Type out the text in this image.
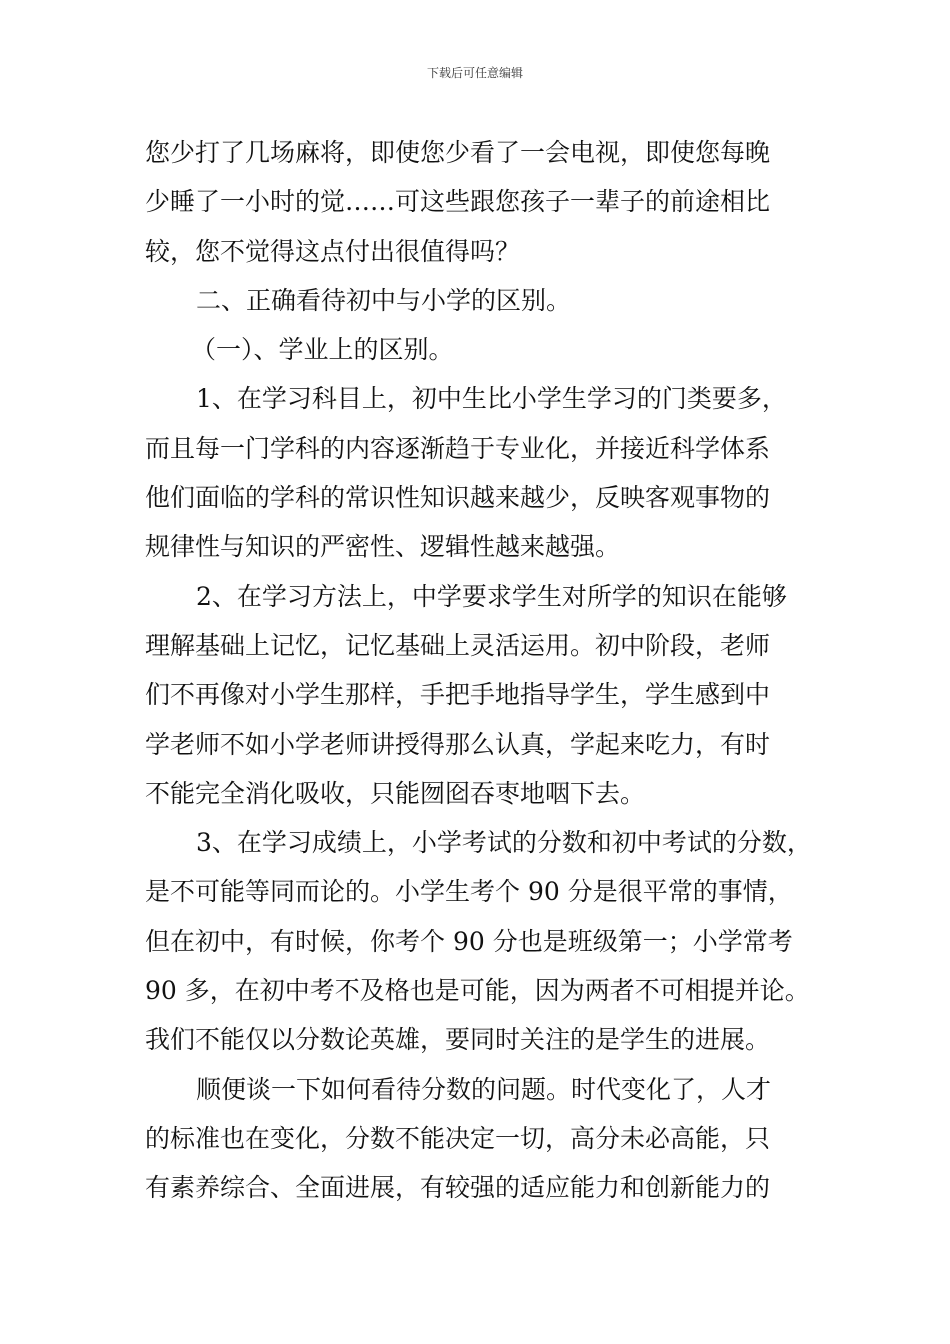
下载后可任意编辑
您少打了几场麻将，即使您少看了一会电视，即使您每晚
少睡了一小时的觉……可这些跟您孩子一辈子的前途相比
较，您不觉得这点付出很值得吗？
二、正确看待初中与小学的区别。
（一）、学业上的区别。
1、在学习科目上，初中生比小学生学习的门类要多，
而且每一门学科的内容逐渐趋于专业化，并接近科学体系
他们面临的学科的常识性知识越来越少，反映客观事物的
规律性与知识的严密性、逻辑性越来越强。
2、在学习方法上，中学要求学生对所学的知识在能够
理解基础上记忆，记忆基础上灵活运用。初中阶段，老师
们不再像对小学生那样，手把手地指导学生，学生感到中
学老师不如小学老师讲授得那么认真，学起来吃力，有时
不能完全消化吸收，只能囫囵吞枣地咽下去。
3、在学习成绩上，小学考试的分数和初中考试的分数，
是不可能等同而论的。小学生考个 90 分是很平常的事情，
但在初中，有时候，你考个 90 分也是班级第一；小学常考
90 多，在初中考不及格也是可能，因为两者不可相提并论。
我们不能仅以分数论英雄，要同时关注的是学生的进展。
顺便谈一下如何看待分数的问题。时代变化了，人才
的标准也在变化，分数不能决定一切，高分未必高能，只
有素养综合、全面进展，有较强的适应能力和创新能力的
